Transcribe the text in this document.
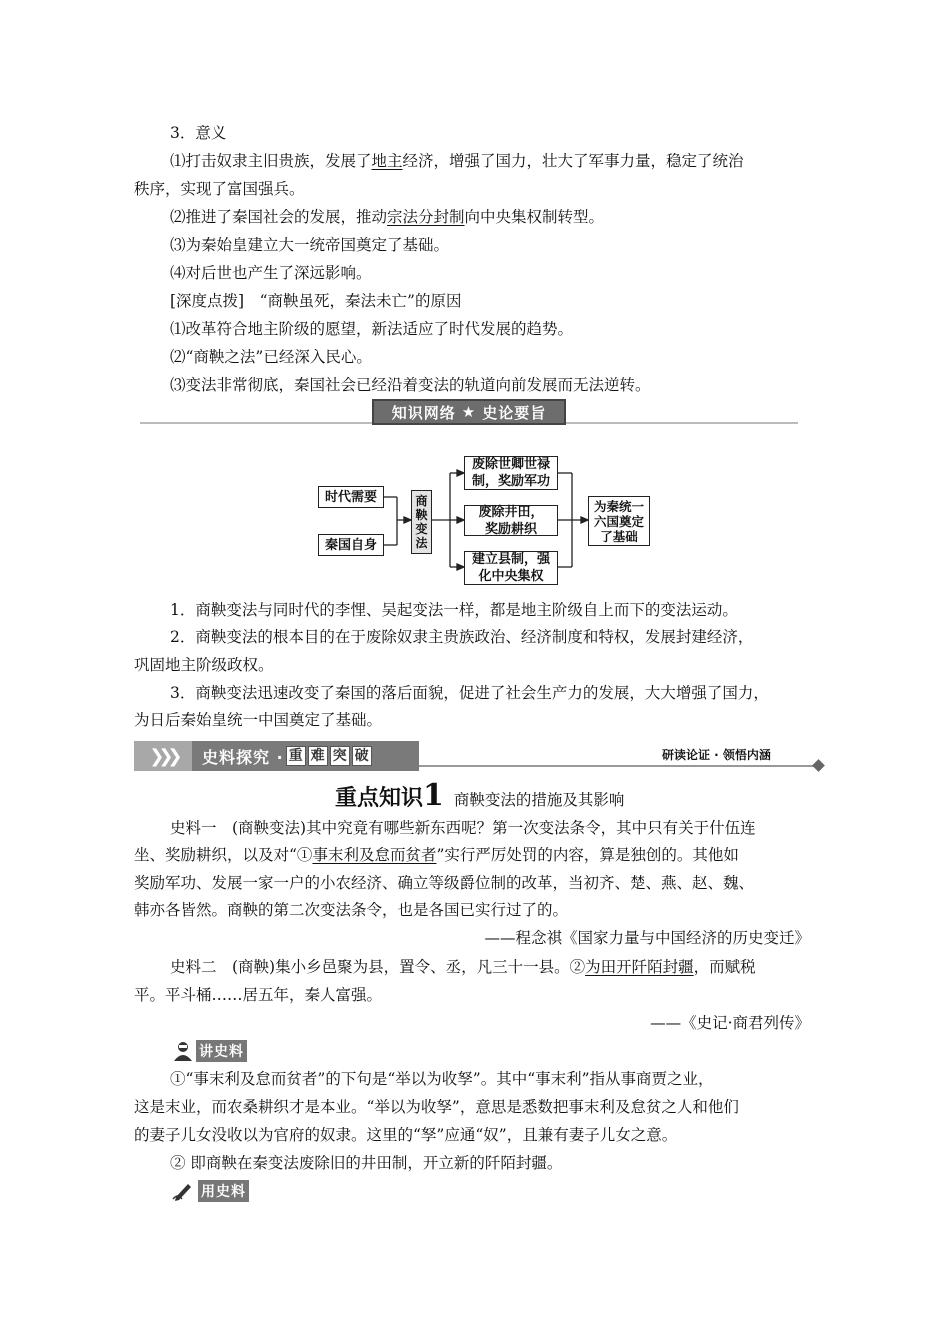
3．意义
⑴打击奴隶主旧贵族，发展了地主经济，增强了国力，壮大了军事力量，稳定了统治
秩序，实现了富国强兵。
⑵推进了秦国社会的发展，推动宗法分封制向中央集权制转型。
⑶为秦始皇建立大一统帝国奠定了基础。
⑷对后世也产生了深远影响。
[深度点拨]　“商鞅虽死，秦法未亡”的原因
⑴改革符合地主阶级的愿望，新法适应了时代发展的趋势。
⑵“商鞅之法”已经深入民心。
⑶变法非常彻底，秦国社会已经沿着变法的轨道向前发展而无法逆转。
知识网络 ★ 史论要旨
时代需要
秦国自身
商鞅变法
废除世卿世禄制，奖励军功
废除井田，奖励耕织
建立县制，强化中央集权
为秦统一六国奠定了基础
1．商鞅变法与同时代的李悝、吴起变法一样，都是地主阶级自上而下的变法运动。
2．商鞅变法的根本目的在于废除奴隶主贵族政治、经济制度和特权，发展封建经济，
巩固地主阶级政权。
3．商鞅变法迅速改变了秦国的落后面貌，促进了社会生产力的发展，大大增强了国力，
为日后秦始皇统一中国奠定了基础。
❯❯❯	史料探究 · 重 难 突 破	研读论证 · 领悟内涵
重点知识1 商鞅变法的措施及其影响
史料一　(商鞅变法)其中究竟有哪些新东西呢？第一次变法条令，其中只有关于什伍连
坐、奖励耕织，以及对“①事末利及怠而贫者”实行严厉处罚的内容，算是独创的。其他如
奖励军功、发展一家一户的小农经济、确立等级爵位制的改革，当初齐、楚、燕、赵、魏、
韩亦各皆然。商鞅的第二次变法条令，也是各国已实行过了的。
——程念祺《国家力量与中国经济的历史变迁》
史料二　(商鞅)集小乡邑聚为县，置令、丞，凡三十一县。②为田开阡陌封疆，而赋税
平。平斗桶……居五年，秦人富强。
——《史记·商君列传》
讲史料
①“事末利及怠而贫者”的下句是“举以为收孥”。其中“事末利”指从事商贾之业，
这是末业，而农桑耕织才是本业。“举以为收孥”，意思是悉数把事末利及怠贫之人和他们
的妻子儿女没收以为官府的奴隶。这里的“孥”应通“奴”，且兼有妻子儿女之意。
② 即商鞅在秦变法废除旧的井田制，开立新的阡陌封疆。
用史料
